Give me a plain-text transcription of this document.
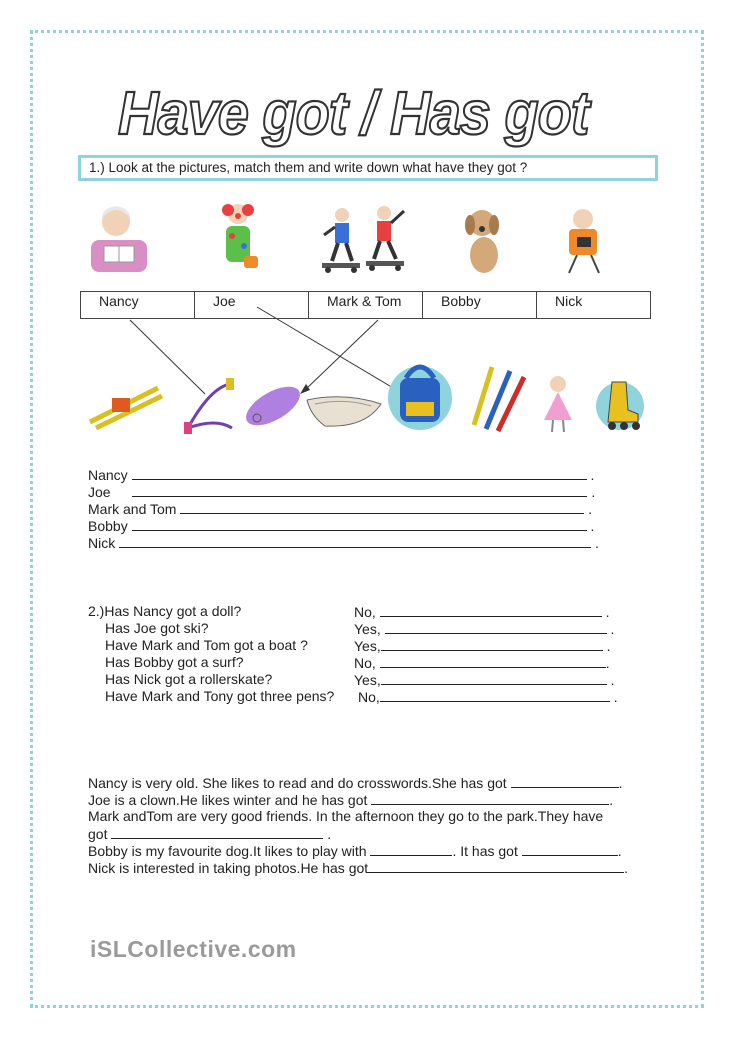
Have got / Has got
1.) Look at the pictures, match them and write down what have they got ?
Nancy	Joe	Mark & Tom	Bobby	Nick
Nancy	.
Joe	.
Mark and Tom	.
Bobby	.
Nick	.
2.)Has Nancy got a doll?	No,	.
Has Joe got ski?	Yes,	.
Have Mark and Tom got a boat ?	Yes,	.
Has Bobby got a surf?	No,	.
Has Nick got a rollerskate?	Yes,	.
Have Mark and Tony got three pens? No,	.
Nancy is very old. She likes to read and do crosswords.She has got	.
Joe is a clown.He likes winter and he has got	.
Mark andTom are very good friends. In the afternoon they go to the park.They have
got	.
Bobby is my favourite dog.It likes to play with	. It has got	.
Nick is interested in taking photos.He has got	.
iSLCollective.com
